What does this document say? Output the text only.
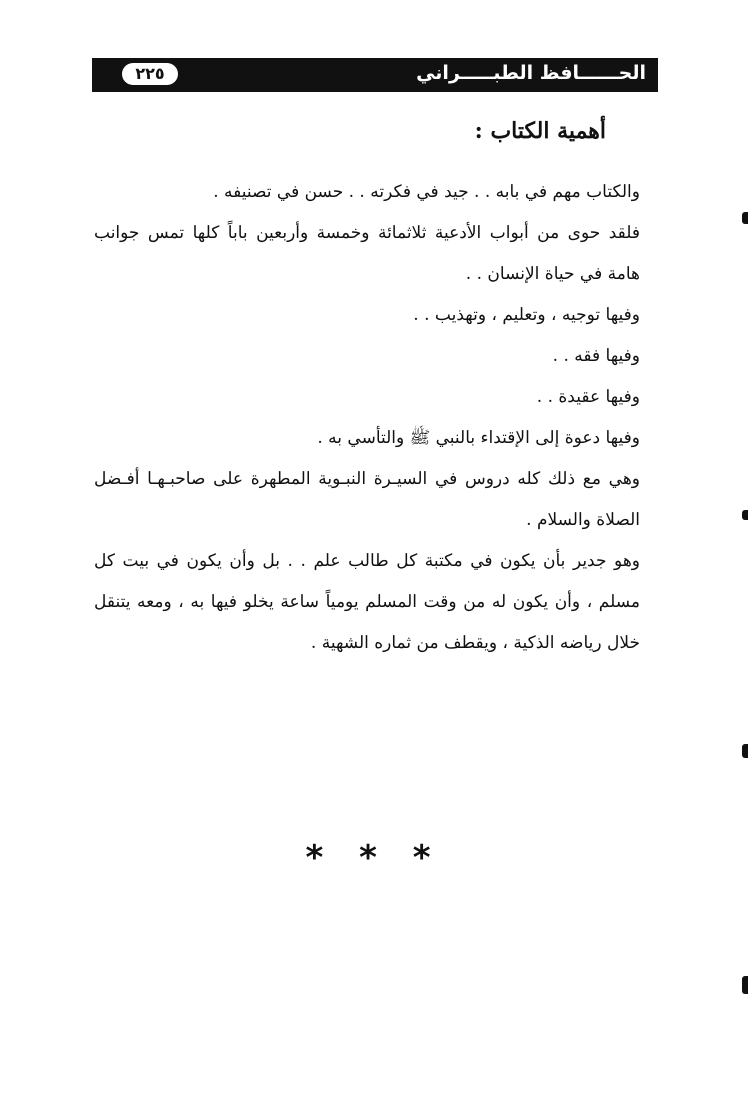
الحــــــافظ الطبـــــراني
٢٢٥
أهمية الكتاب :

والكتاب مهم في بابه . . جيد في فكرته . . حسن في تصنيفه .

فلقد حوى من أبواب الأدعية ثلاثمائة وخمسة وأربعين باباً كلها تمس جوانب هامة في حياة الإنسان . .

وفيها توجيه ، وتعليم ، وتهذيب . .

وفيها فقه . .

وفيها عقيدة . .

وفيها دعوة إلى الإقتداء بالنبي ﷺ والتأسي به .

وهي مع ذلك كله دروس في السيـرة النبـوية المطهرة على صاحبـهـا أفـضل الصلاة والسلام .

وهو جدير بأن يكون في مكتبة كل طالب علم . . بل وأن يكون في بيت كل مسلم ، وأن يكون له من وقت المسلم يومياً ساعة يخلو فيها به ، ومعه يتنقل خلال رياضه الذكية ، ويقطف من ثماره الشهية .

* * *
